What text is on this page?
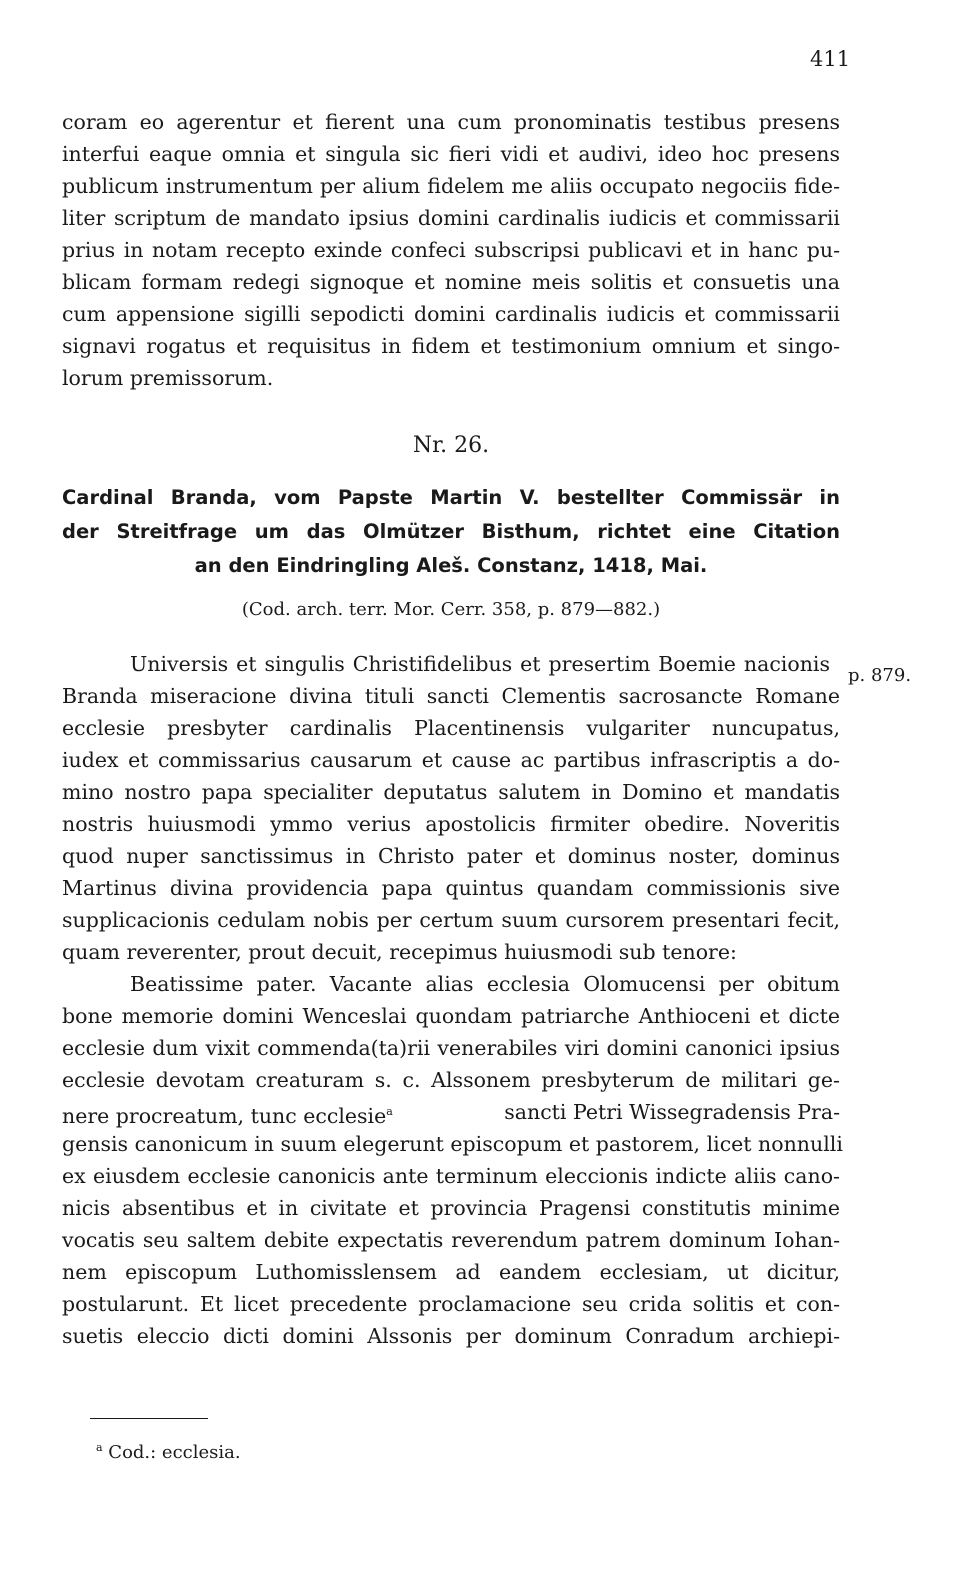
411
coram eo agerentur et fierent una cum pronominatis testibus presens
interfui eaque omnia et singula sic fieri vidi et audivi, ideo hoc presens
publicum instrumentum per alium fidelem me aliis occupato negociis fide-
liter scriptum de mandato ipsius domini cardinalis iudicis et commissarii
prius in notam recepto exinde confeci subscripsi publicavi et in hanc pu-
blicam formam redegi signoque et nomine meis solitis et consuetis una
cum appensione sigilli sepodicti domini cardinalis iudicis et commissarii
signavi rogatus et requisitus in fidem et testimonium omnium et singo-
lorum premissorum.
Nr. 26.
Cardinal Branda, vom Papste Martin V. bestellter Commissär in
der Streitfrage um das Olmützer Bisthum, richtet eine Citation
an den Eindringling Aleš. Constanz, 1418, Mai.
(Cod. arch. terr. Mor. Cerr. 358, p. 879—882.)
p. 879.
Universis et singulis Christifidelibus et presertim Boemie nacionis
Branda miseracione divina tituli sancti Clementis sacrosancte Romane
ecclesie presbyter cardinalis Placentinensis vulgariter nuncupatus,
iudex et commissarius causarum et cause ac partibus infrascriptis a do-
mino nostro papa specialiter deputatus salutem in Domino et mandatis
nostris huiusmodi ymmo verius apostolicis firmiter obedire. Noveritis
quod nuper sanctissimus in Christo pater et dominus noster, dominus
Martinus divina providencia papa quintus quandam commissionis sive
supplicacionis cedulam nobis per certum suum cursorem presentari fecit,
quam reverenter, prout decuit, recepimus huiusmodi sub tenore:
Beatissime pater. Vacante alias ecclesia Olomucensi per obitum
bone memorie domini Wenceslai quondam patriarche Anthioceni et dicte
ecclesie dum vixit commenda(ta)rii venerabiles viri domini canonici ipsius
ecclesie devotam creaturam s. c. Alssonem presbyterum de militari ge-
nere procreatum, tunc ecclesie$^a$	sancti Petri Wissegradensis Pra-
gensis canonicum in suum elegerunt episcopum et pastorem, licet nonnulli
ex eiusdem ecclesie canonicis ante terminum eleccionis indicte aliis cano-
nicis absentibus et in civitate et provincia Pragensi constitutis minime
vocatis seu saltem debite expectatis reverendum patrem dominum Iohan-
nem episcopum Luthomisslensem ad eandem ecclesiam, ut dicitur,
postularunt. Et licet precedente proclamacione seu crida solitis et con-
suetis eleccio dicti domini Alssonis per dominum Conradum archiepi-
$^a$ Cod.: ecclesia.
